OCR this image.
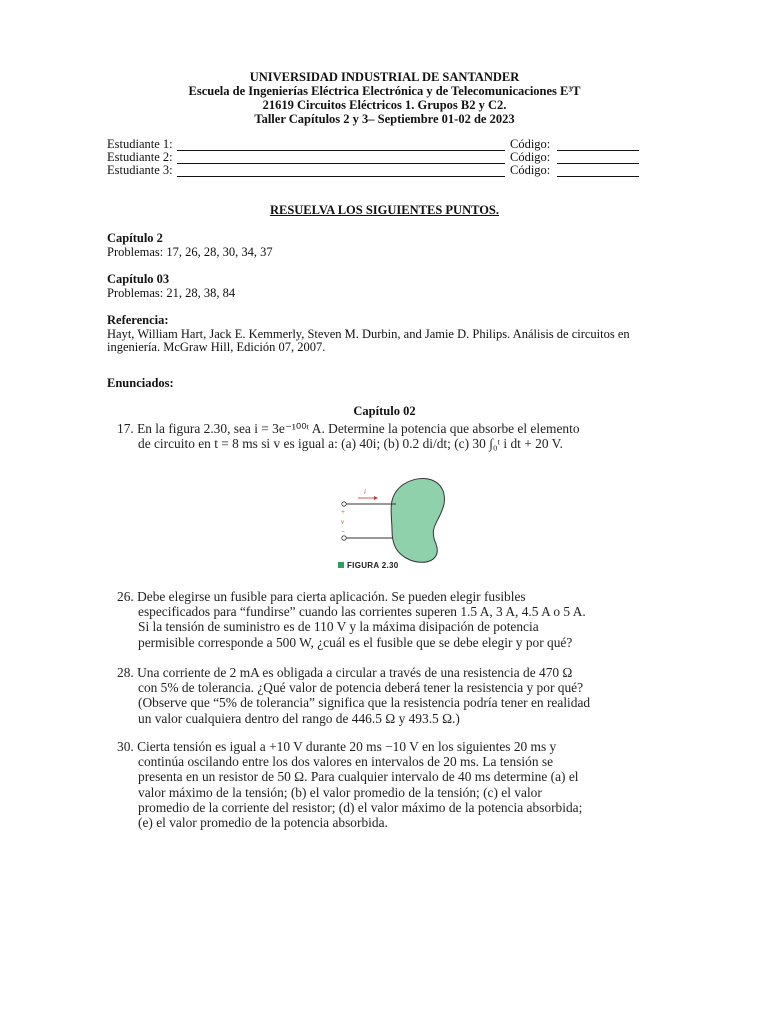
UNIVERSIDAD INDUSTRIAL DE SANTANDER
Escuela de Ingenierías Eléctrica Electrónica y de Telecomunicaciones E³T
21619 Circuitos Eléctricos 1. Grupos B2 y C2.
Taller Capítulos 2 y 3– Septiembre 01-02 de 2023
Estudiante 1:	Código:
Estudiante 2:	Código:
Estudiante 3:	Código:
RESUELVA LOS SIGUIENTES PUNTOS.
Capítulo 2
Problemas: 17, 26, 28, 30, 34, 37
Capítulo 03
Problemas: 21, 28, 38, 84
Referencia:
Hayt, William Hart, Jack E. Kemmerly, Steven M. Durbin, and Jamie D. Philips. Análisis de circuitos en ingeniería. McGraw Hill, Edición 07, 2007.
Enunciados:
Capítulo 02
17. En la figura 2.30, sea i = 3e⁻¹⁰⁰ᵗ A. Determine la potencia que absorbe el elemento
de circuito en t = 8 ms si v es igual a: (a) 40i; (b) 0.2 di/dt; (c) 30 ∫₀ᵗ i dt + 20 V.
26. Debe elegirse un fusible para cierta aplicación. Se pueden elegir fusibles
especificados para “fundirse” cuando las corrientes superen 1.5 A, 3 A, 4.5 A o 5 A.
Si la tensión de suministro es de 110 V y la máxima disipación de potencia
permisible corresponde a 500 W, ¿cuál es el fusible que se debe elegir y por qué?
28. Una corriente de 2 mA es obligada a circular a través de una resistencia de 470 Ω
con 5% de tolerancia. ¿Qué valor de potencia deberá tener la resistencia y por qué?
(Observe que “5% de tolerancia” significa que la resistencia podría tener en realidad
un valor cualquiera dentro del rango de 446.5 Ω y 493.5 Ω.)
30. Cierta tensión es igual a +10 V durante 20 ms −10 V en los siguientes 20 ms y
continúa oscilando entre los dos valores en intervalos de 20 ms. La tensión se
presenta en un resistor de 50 Ω. Para cualquier intervalo de 40 ms determine (a) el
valor máximo de la tensión; (b) el valor promedio de la tensión; (c) el valor
promedio de la corriente del resistor; (d) el valor máximo de la potencia absorbida;
(e) el valor promedio de la potencia absorbida.
i
+
v
−
FIGURA 2.30
